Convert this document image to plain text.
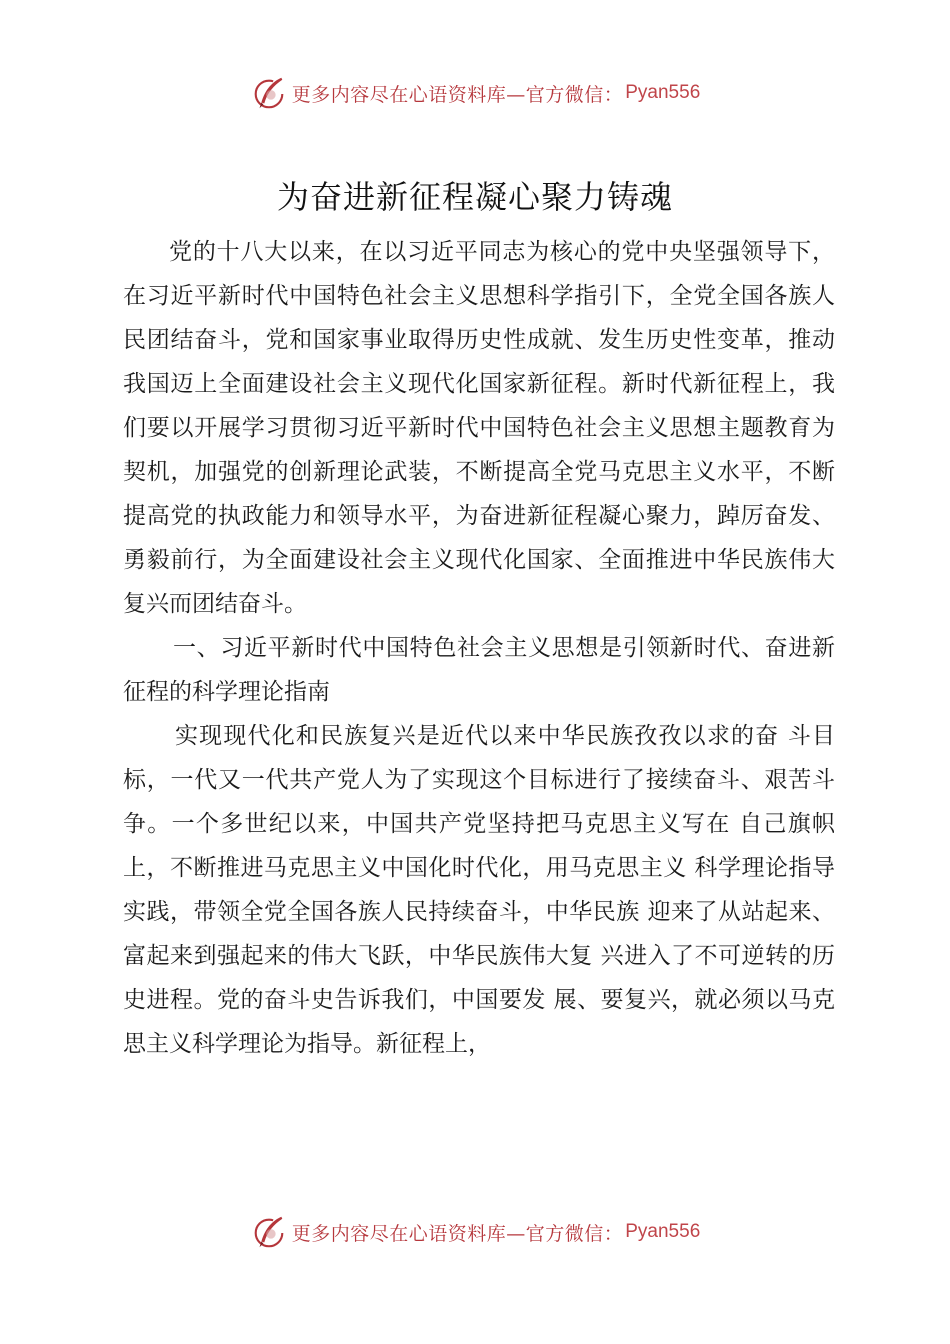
更多内容尽在心语资料库—官方微信： Pyan556
为奋进新征程凝心聚力铸魂

党的十八大以来，在以习近平同志为核心的党中央坚强领导下，在习近平新时代中国特色社会主义思想科学指引下，全党全国各族人民团结奋斗，党和国家事业取得历史性成就、发生历史性变革，推动我国迈上全面建设社会主义现代化国家新征程。新时代新征程上，我们要以开展学习贯彻习近平新时代中国特色社会主义思想主题教育为契机，加强党的创新理论武装，不断提高全党马克思主义水平，不断提高党的执政能力和领导水平，为奋进新征程凝心聚力，踔厉奋发、勇毅前行，为全面建设社会主义现代化国家、全面推进中华民族伟大复兴而团结奋斗。

一、习近平新时代中国特色社会主义思想是引领新时代、奋进新征程的科学理论指南

实现现代化和民族复兴是近代以来中华民族孜孜以求的奋 斗目标，一代又一代共产党人为了实现这个目标进行了接续奋斗、艰苦斗争。一个多世纪以来，中国共产党坚持把马克思主义写在 自己旗帜上，不断推进马克思主义中国化时代化，用马克思主义 科学理论指导实践，带领全党全国各族人民持续奋斗，中华民族 迎来了从站起来、富起来到强起来的伟大飞跃，中华民族伟大复 兴进入了不可逆转的历史进程。党的奋斗史告诉我们，中国要发 展、要复兴，就必须以马克思主义科学理论为指导。新征程上，

更多内容尽在心语资料库—官方微信： Pyan556
